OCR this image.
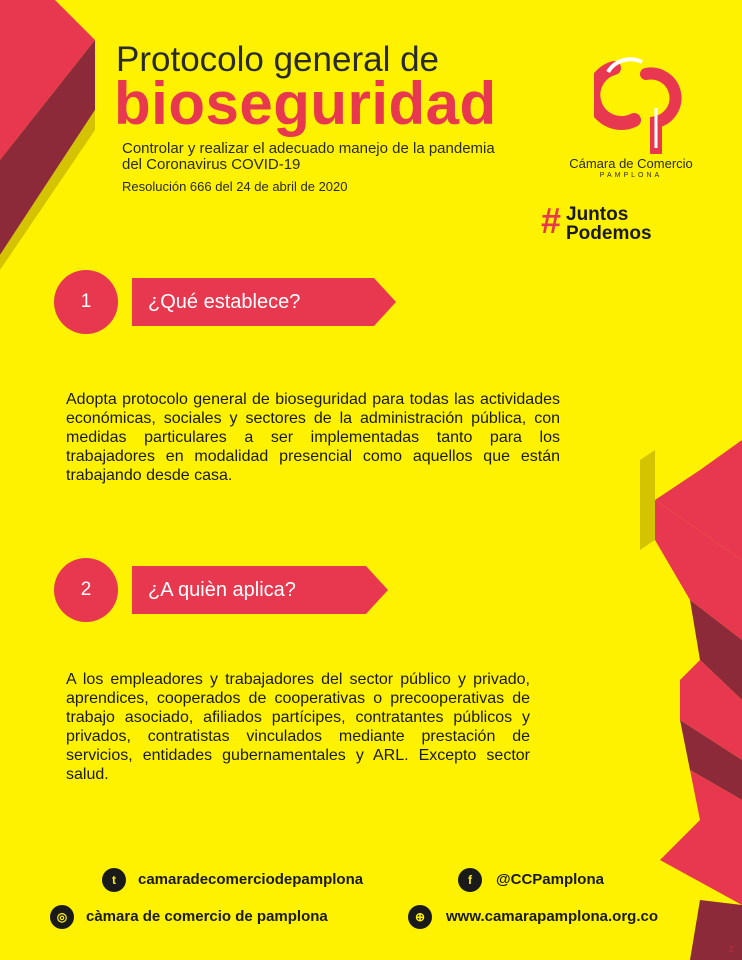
Protocolo general de
bioseguridad
Controlar y realizar el adecuado manejo de la pandemia
del Coronavirus COVID-19
Resolución 666 del 24 de abril de 2020
Cámara de Comercio
PAMPLONA
# Juntos
Podemos
¿Qué establece?
1
Adopta protocolo general de bioseguridad para todas las actividades económicas, sociales y sectores de la administración pública, con medidas particulares a ser implementadas tanto para los trabajadores en modalidad presencial como aquellos que están trabajando desde casa.
¿A quièn aplica?
2
A los empleadores y trabajadores del sector público y privado, aprendices, cooperados de cooperativas o precooperativas de trabajo asociado, afiliados partícipes, contratantes públicos y privados, contratistas vinculados mediante prestación de servicios, entidades gubernamentales y ARL. Excepto sector salud.
t	camaradecomerciodepamplona	f	@CCPamplona
◎	càmara de comercio de pamplona	⊕	www.camarapamplona.org.co
2
